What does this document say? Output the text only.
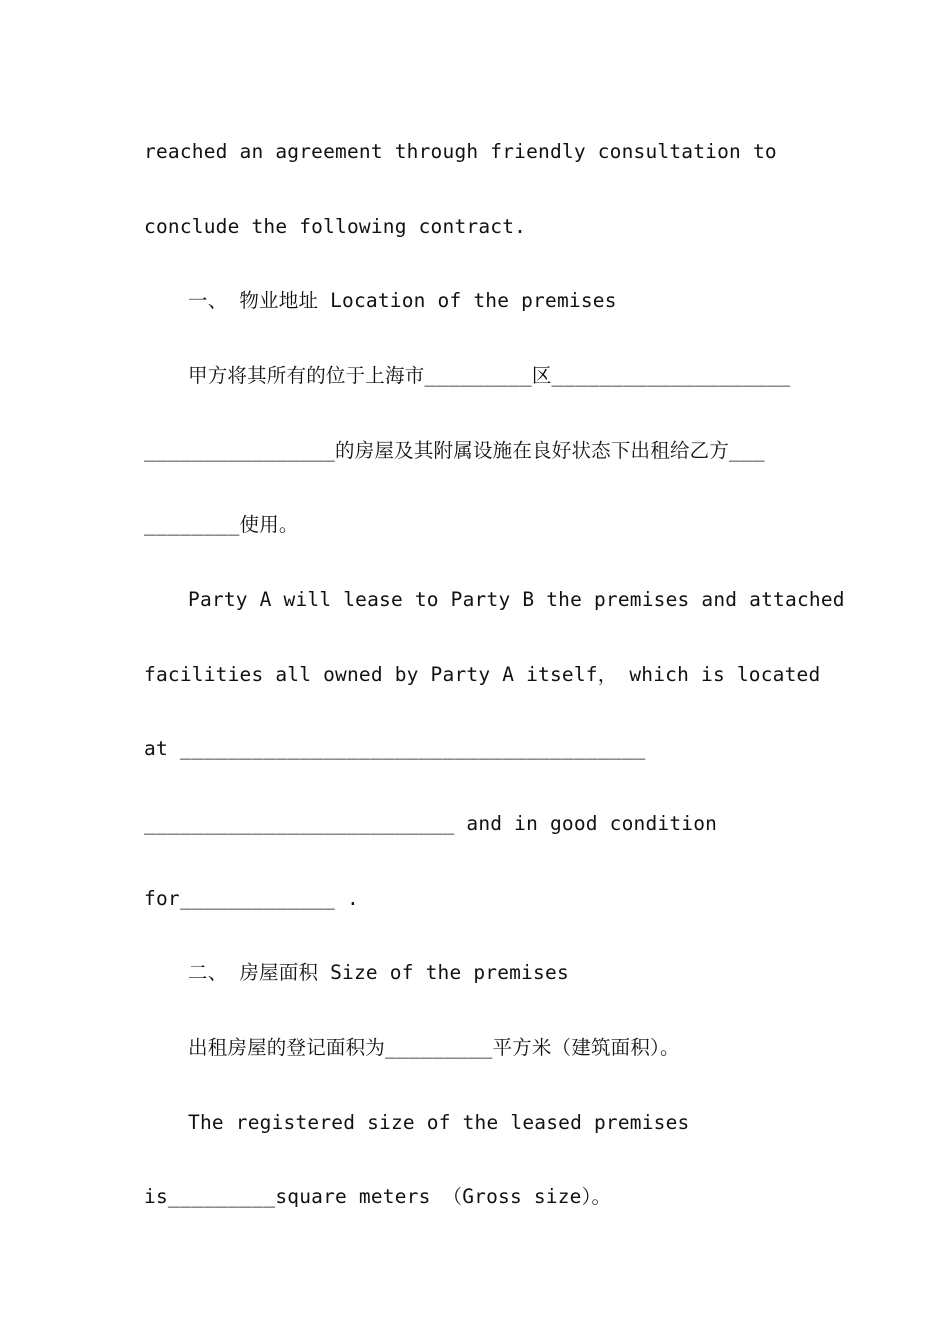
reached an agreement through friendly consultation to
conclude the following contract.
一、 物业地址 Location of the premises
甲方将其所有的位于上海市_________区____________________
________________的房屋及其附属设施在良好状态下出租给乙方___
________使用。
Party A will lease to Party B the premises and attached
facilities all owned by Party A itself， which is located
at _______________________________________
__________________________ and in good condition
for_____________ .
二、 房屋面积 Size of the premises
出租房屋的登记面积为_________平方米（建筑面积）。
The registered size of the leased premises
is_________square meters （Gross size）。
